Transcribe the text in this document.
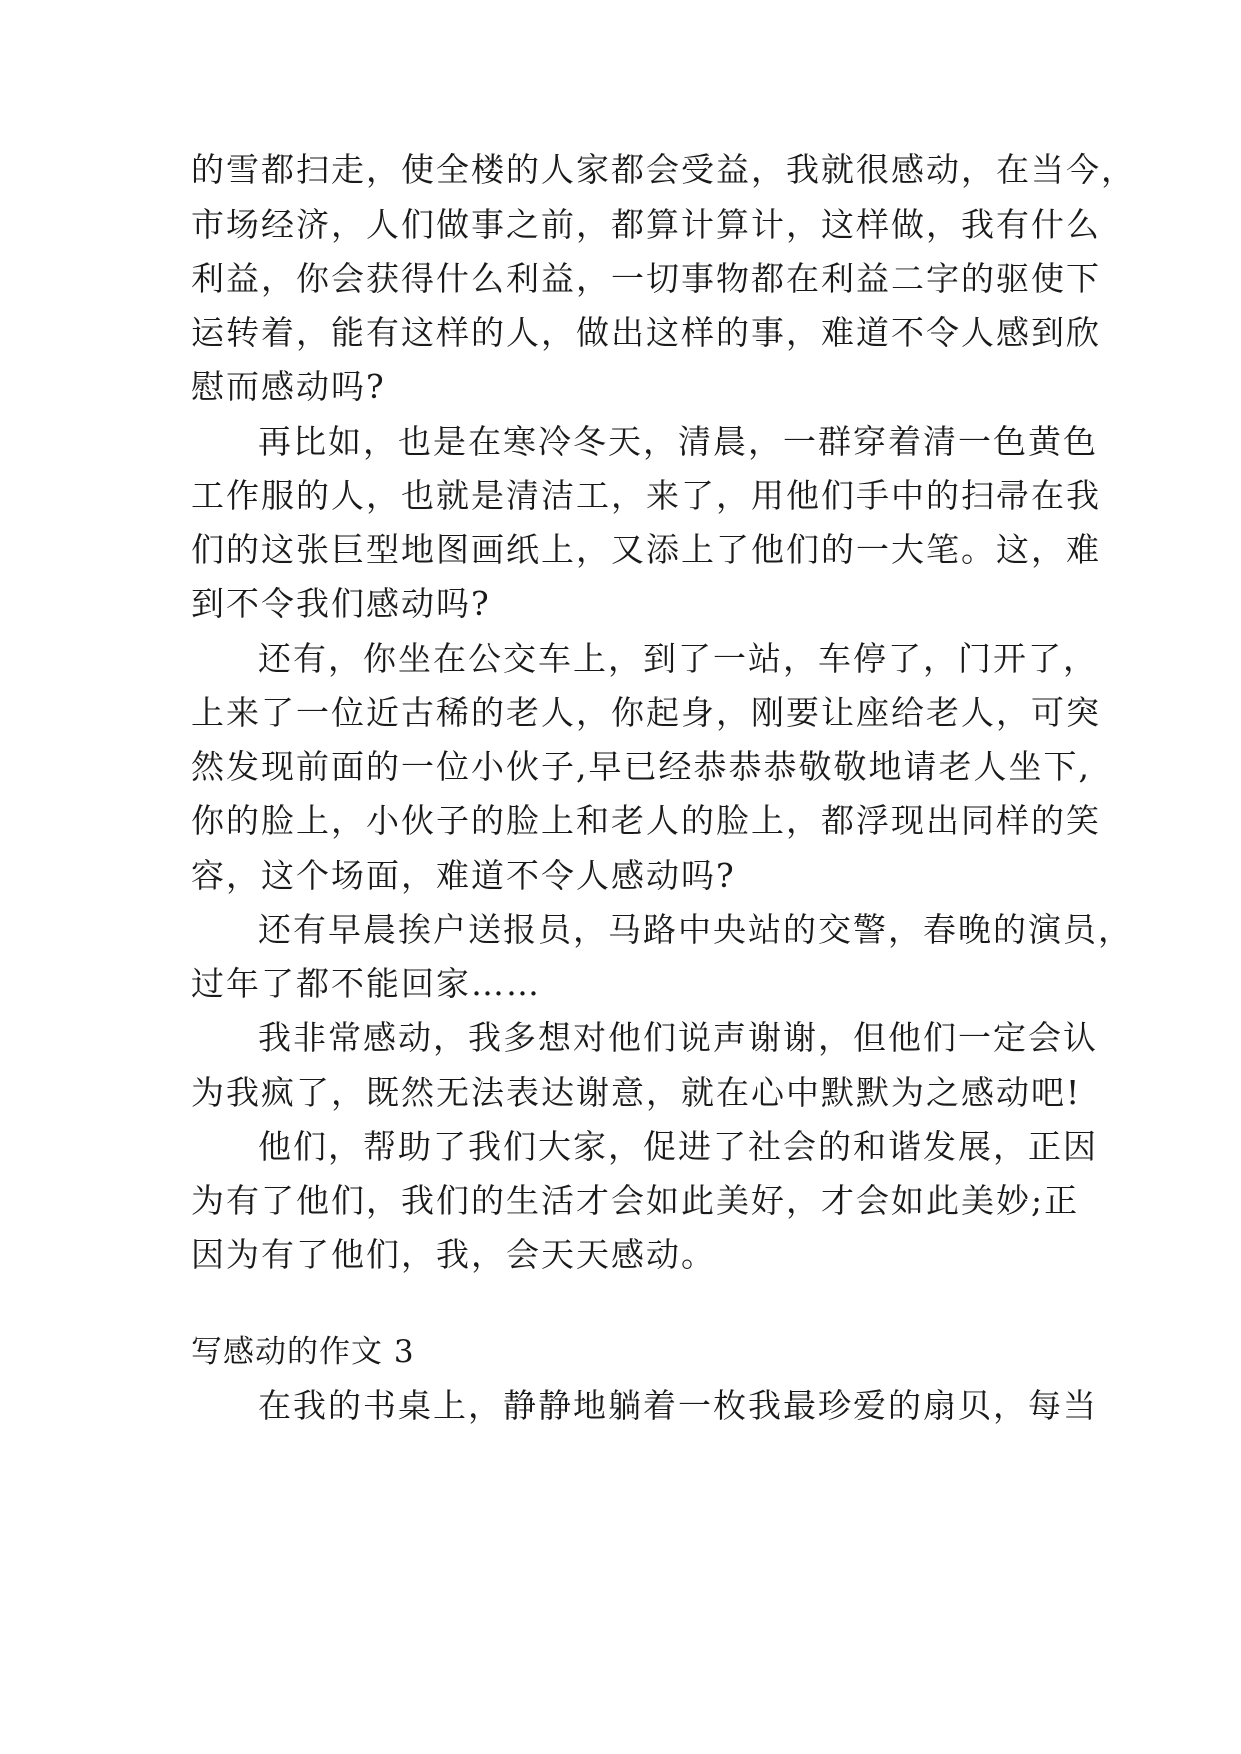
的雪都扫走，使全楼的人家都会受益，我就很感动，在当今，
市场经济，人们做事之前，都算计算计，这样做，我有什么
利益，你会获得什么利益，一切事物都在利益二字的驱使下
运转着，能有这样的人，做出这样的事，难道不令人感到欣
慰而感动吗?
再比如，也是在寒冷冬天，清晨，一群穿着清一色黄色
工作服的人，也就是清洁工，来了，用他们手中的扫帚在我
们的这张巨型地图画纸上，又添上了他们的一大笔。这，难
到不令我们感动吗?
还有，你坐在公交车上，到了一站，车停了，门开了，
上来了一位近古稀的老人，你起身，刚要让座给老人，可突
然发现前面的一位小伙子,早已经恭恭恭敬敬地请老人坐下,
你的脸上，小伙子的脸上和老人的脸上，都浮现出同样的笑
容，这个场面，难道不令人感动吗?
还有早晨挨户送报员，马路中央站的交警，春晚的演员，
过年了都不能回家……
我非常感动，我多想对他们说声谢谢，但他们一定会认
为我疯了，既然无法表达谢意，就在心中默默为之感动吧!
他们，帮助了我们大家，促进了社会的和谐发展，正因
为有了他们，我们的生活才会如此美好，才会如此美妙;正
因为有了他们，我，会天天感动。
写感动的作文 3
在我的书桌上，静静地躺着一枚我最珍爱的扇贝，每当
